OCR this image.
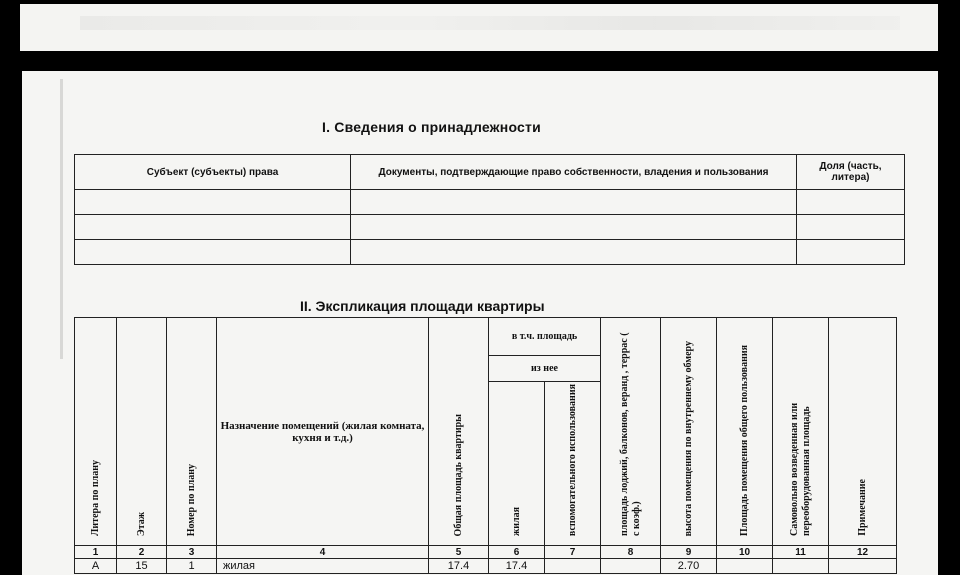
I. Сведения о принадлежности
Субъект (субъекты) права	Документы, подтверждающие право собственности, владения и пользования	Доля (часть, литера)

II. Экспликация площади квартиры
Литера по плану	Этаж	Номер по плану	Назначение помещений (жилая комната, кухня и т.д.)	Общая площадь квартиры	в т.ч. площадь		площадь лоджий, балконов, веранд , террас ( с коэф.)	высота помещения по внутреннему обмеру	Площадь помещения общего пользования	Самовольно возведенная или переоборудованная площадь	Примечание
					из нее						
					жилая	вспомогательного использования					
1	2	3	4	5	6	7	8	9	10	11	12
А	15	1	жилая	17.4	17.4			2.70			
